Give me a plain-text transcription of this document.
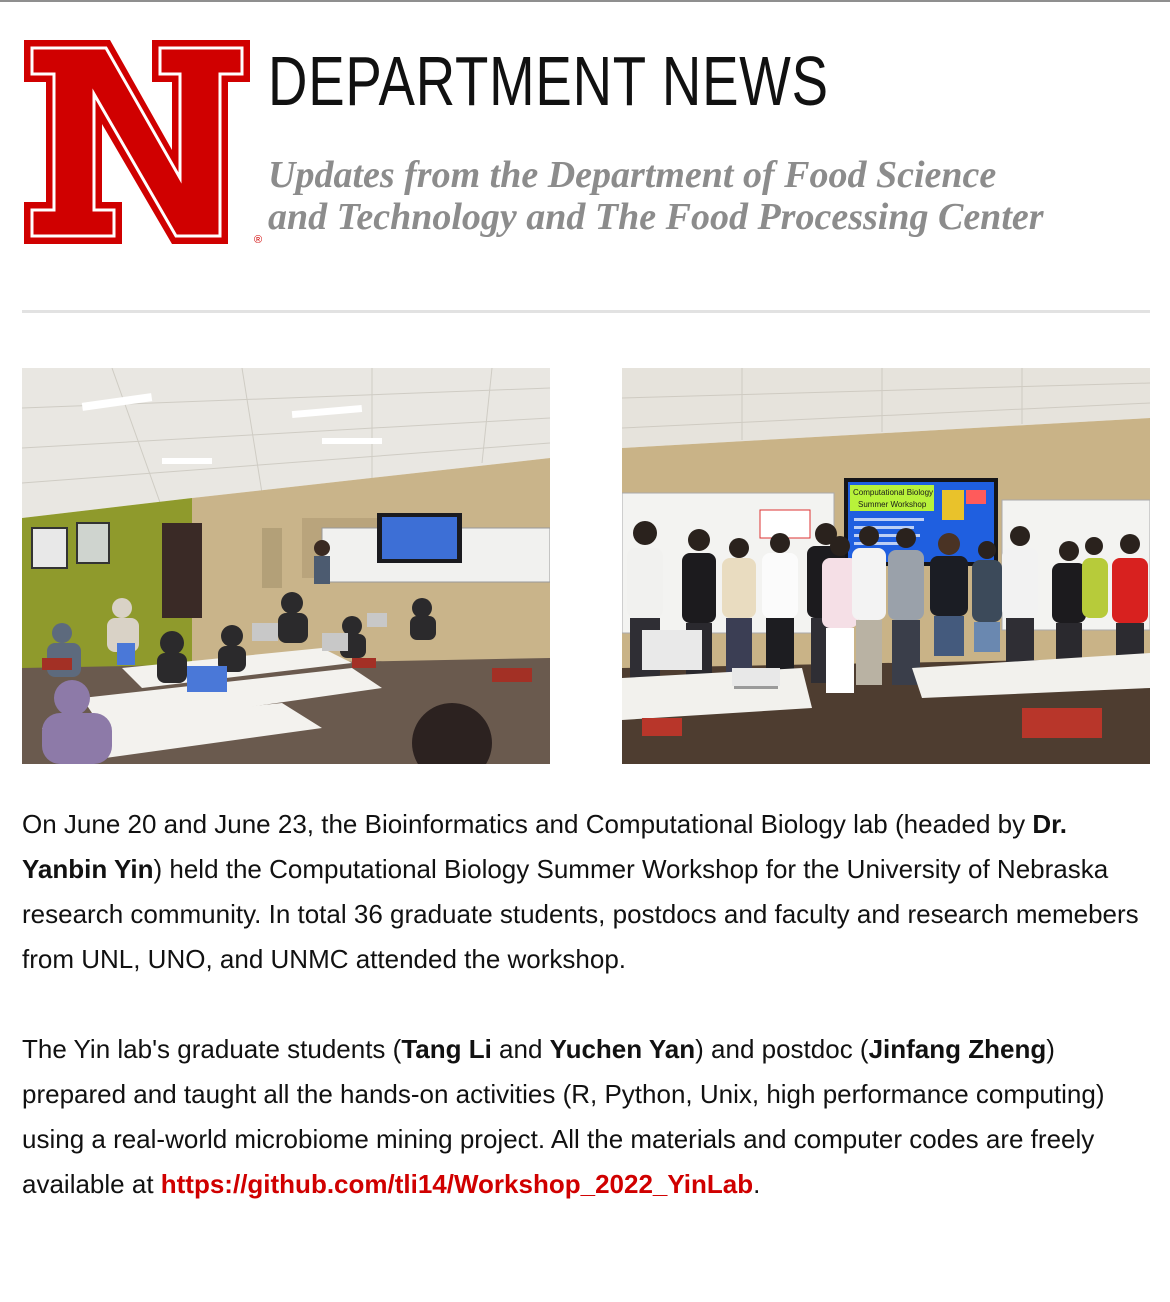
®
DEPARTMENT NEWS
Updates from the Department of Food Science
and Technology and The Food Processing Center
Computational Biology
Summer Workshop

On June 20 and June 23, the Bioinformatics and Computational Biology lab (headed by Dr. Yanbin Yin) held the Computational Biology Summer Workshop for the University of Nebraska research community. In total 36 graduate students, postdocs and faculty and research memebers from UNL, UNO, and UNMC attended the workshop.

The Yin lab's graduate students (Tang Li and Yuchen Yan) and postdoc (Jinfang Zheng) prepared and taught all the hands-on activities (R, Python, Unix, high performance computing) using a real-world microbiome mining project. All the materials and computer codes are freely available at https://github.com/tli14/Workshop_2022_YinLab.
